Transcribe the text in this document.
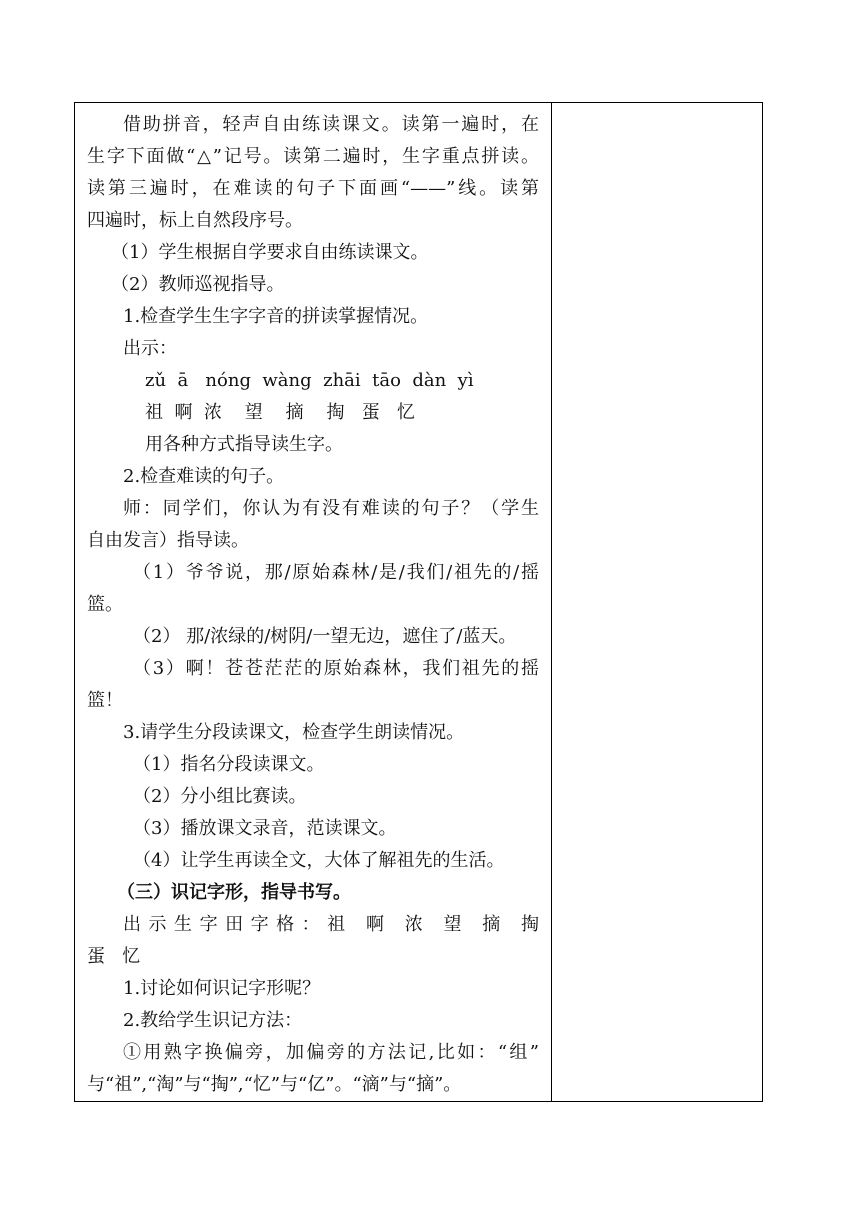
借助拼音，轻声自由练读课文。读第一遍时，在
生字下面做“△”记号。读第二遍时，生字重点拼读。
读第三遍时，在难读的句子下面画“——”线。读第
四遍时，标上自然段序号。
（1）学生根据自学要求自由练读课文。
（2）教师巡视指导。
1.检查学生生字字音的拼读掌握情况。
出示：
zǔ  ā   nóng  wàng  zhāi  tāo  dàn  yì
祖  啊  浓    望    摘    掏   蛋   忆
用各种方式指导读生字。
2.检查难读的句子。
师：同学们，你认为有没有难读的句子？（学生
自由发言）指导读。
（1）爷爷说，那/原始森林/是/我们/祖先的/摇
篮。
（2） 那/浓绿的/树阴/一望无边，遮住了/蓝天。
（3）啊！苍苍茫茫的原始森林，我们祖先的摇
篮！
3.请学生分段读课文，检查学生朗读情况。
（1）指名分段读课文。
（2）分小组比赛读。
（3）播放课文录音，范读课文。
（4）让学生再读全文，大体了解祖先的生活。
（三）识记字形，指导书写。
出示生字田字格：祖 啊 浓 望 摘 掏
蛋   忆
1.讨论如何识记字形呢？
2.教给学生识记方法：
①用熟字换偏旁，加偏旁的方法记,比如：“组”
与“祖”,“淘”与“掏”,“忆”与“亿”。“滴”与“摘”。
